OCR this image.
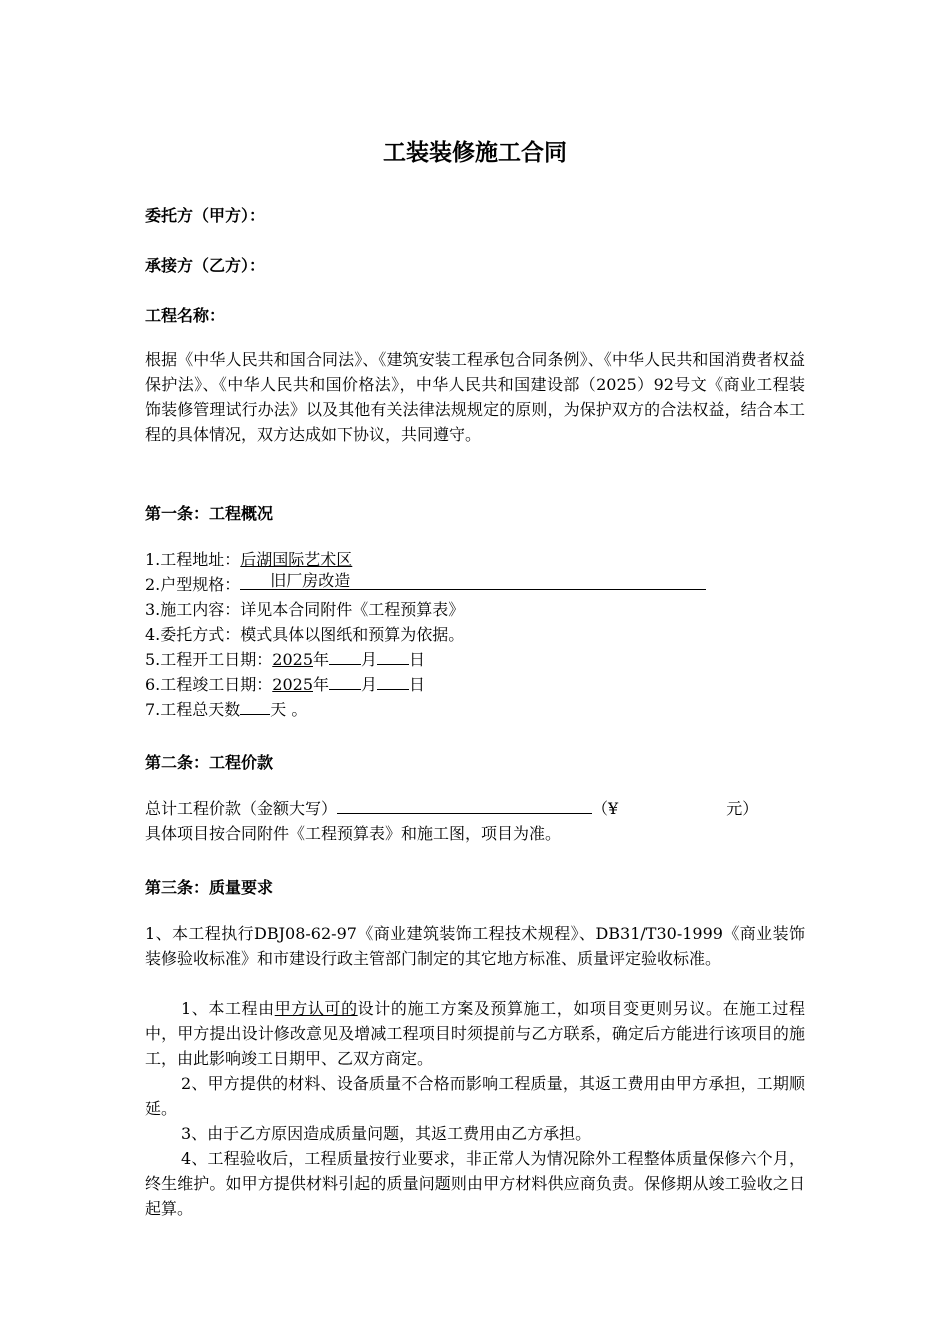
工装装修施工合同
委托方（甲方）：
承接方（乙方）：
工程名称：
根据《中华人民共和国合同法》、《建筑安装工程承包合同条例》、《中华人民共和国消费者权益保护法》、《中华人民共和国价格法》，中华人民共和国建设部（2025）92号文《商业工程装饰装修管理试行办法》以及其他有关法律法规规定的原则，为保护双方的合法权益，结合本工程的具体情况，双方达成如下协议，共同遵守。
第一条：工程概况
1.工程地址：后湖国际艺术区
2.户型规格： 旧厂房改造
3.施工内容：详见本合同附件《工程预算表》
4.委托方式：模式具体以图纸和预算为依据。
5.工程开工日期：2025年 月 日
6.工程竣工日期：2025年 月 日
7.工程总天数 天 。
第二条：工程价款
总计工程价款（金额大写）	（¥	元）
具体项目按合同附件《工程预算表》和施工图，项目为准。
第三条：质量要求
1、本工程执行DBJ08-62-97《商业建筑装饰工程技术规程》、DB31/T30-1999《商业装饰装修验收标准》和市建设行政主管部门制定的其它地方标准、质量评定验收标准。
1、本工程由甲方认可的设计的施工方案及预算施工，如项目变更则另议。在施工过程中，甲方提出设计修改意见及增减工程项目时须提前与乙方联系，确定后方能进行该项目的施工，由此影响竣工日期甲、乙双方商定。
2、甲方提供的材料、设备质量不合格而影响工程质量，其返工费用由甲方承担，工期顺延。
3、由于乙方原因造成质量问题，其返工费用由乙方承担。
4、工程验收后，工程质量按行业要求，非正常人为情况除外工程整体质量保修六个月，终生维护。如甲方提供材料引起的质量问题则由甲方材料供应商负责。保修期从竣工验收之日起算。
